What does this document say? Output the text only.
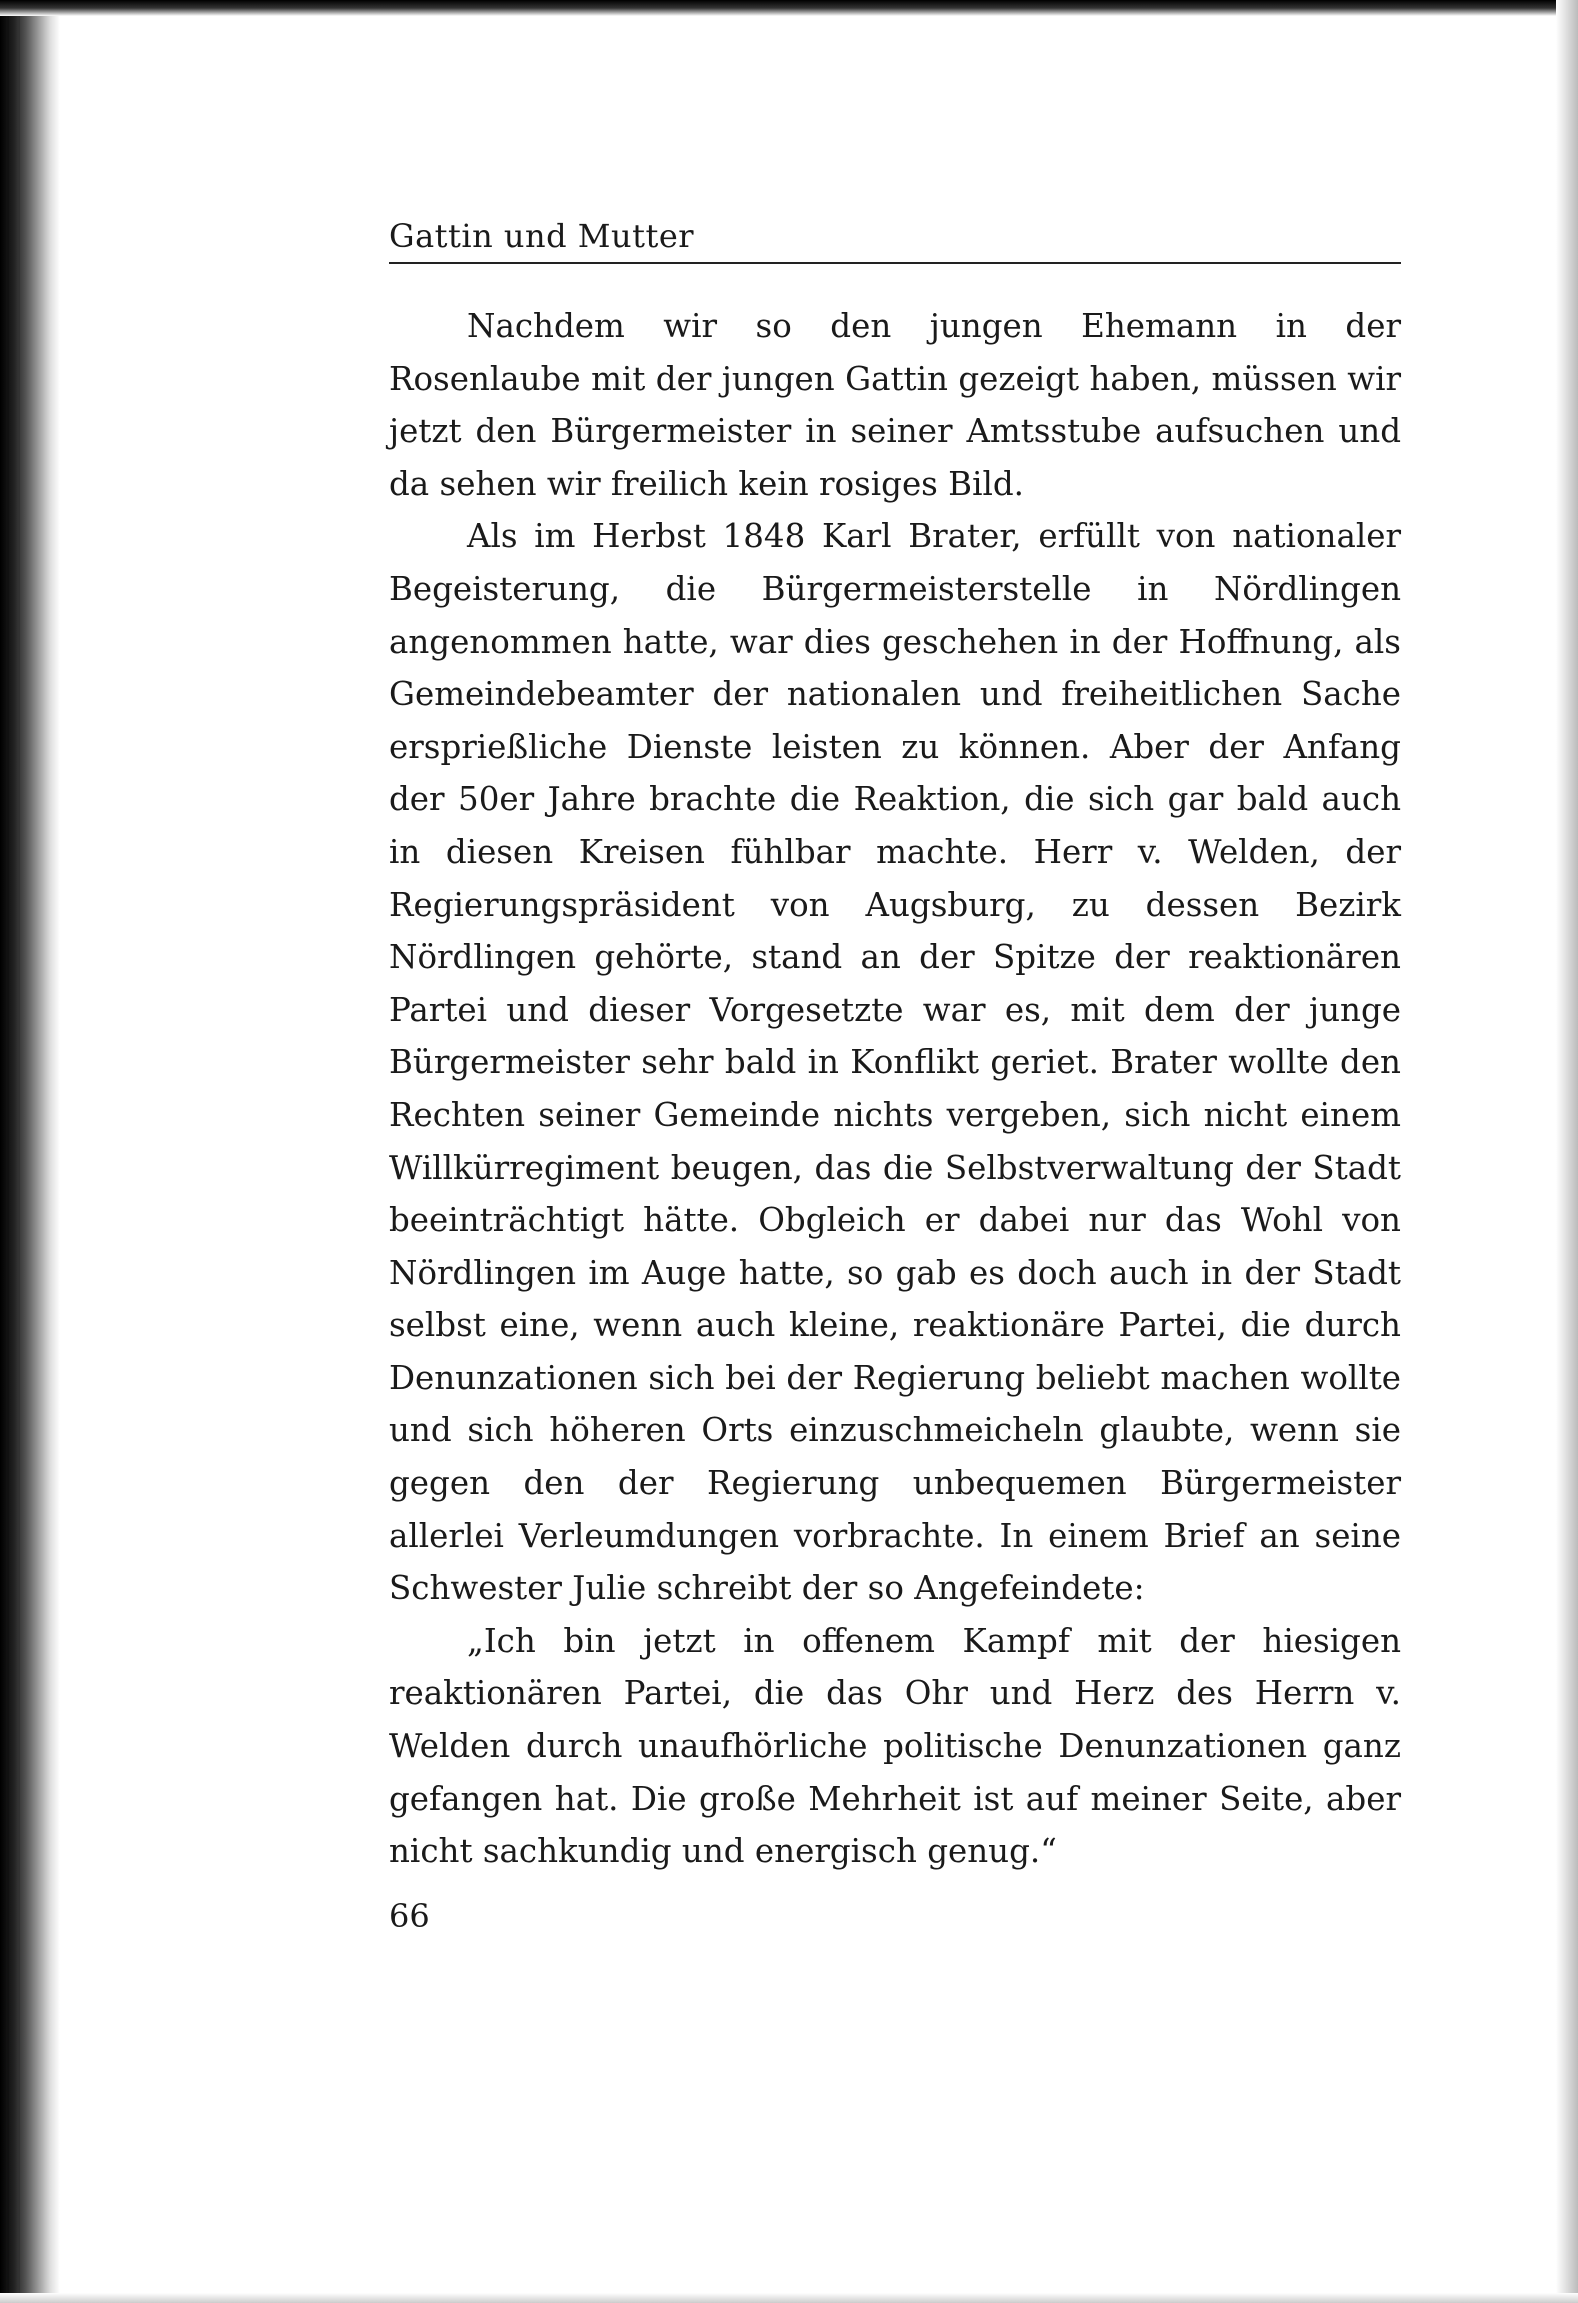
Gattin und Mutter

Nachdem wir so den jungen Ehemann in der Rosenlaube mit der jungen Gattin gezeigt haben, müssen wir jetzt den Bürgermeister in seiner Amtsstube aufsuchen und da sehen wir freilich kein rosiges Bild.

Als im Herbst 1848 Karl Brater, erfüllt von nationaler Begeisterung, die Bürgermeisterstelle in Nördlingen angenommen hatte, war dies geschehen in der Hoffnung, als Gemeindebeamter der nationalen und freiheitlichen Sache ersprießliche Dienste leisten zu können. Aber der Anfang der 50er Jahre brachte die Reaktion, die sich gar bald auch in diesen Kreisen fühlbar machte. Herr v. Welden, der Regierungspräsident von Augsburg, zu dessen Bezirk Nördlingen gehörte, stand an der Spitze der reaktionären Partei und dieser Vorgesetzte war es, mit dem der junge Bürgermeister sehr bald in Konflikt geriet. Brater wollte den Rechten seiner Gemeinde nichts vergeben, sich nicht einem Willkürregiment beugen, das die Selbstverwaltung der Stadt beeinträchtigt hätte. Obgleich er dabei nur das Wohl von Nördlingen im Auge hatte, so gab es doch auch in der Stadt selbst eine, wenn auch kleine, reaktionäre Partei, die durch Denunzationen sich bei der Regierung beliebt machen wollte und sich höheren Orts einzuschmeicheln glaubte, wenn sie gegen den der Regierung unbequemen Bürgermeister allerlei Verleumdungen vorbrachte. In einem Brief an seine Schwester Julie schreibt der so Angefeindete:

„Ich bin jetzt in offenem Kampf mit der hiesigen reaktionären Partei, die das Ohr und Herz des Herrn v. Welden durch unaufhörliche politische Denunzationen ganz gefangen hat. Die große Mehrheit ist auf meiner Seite, aber nicht sachkundig und energisch genug.“

66
